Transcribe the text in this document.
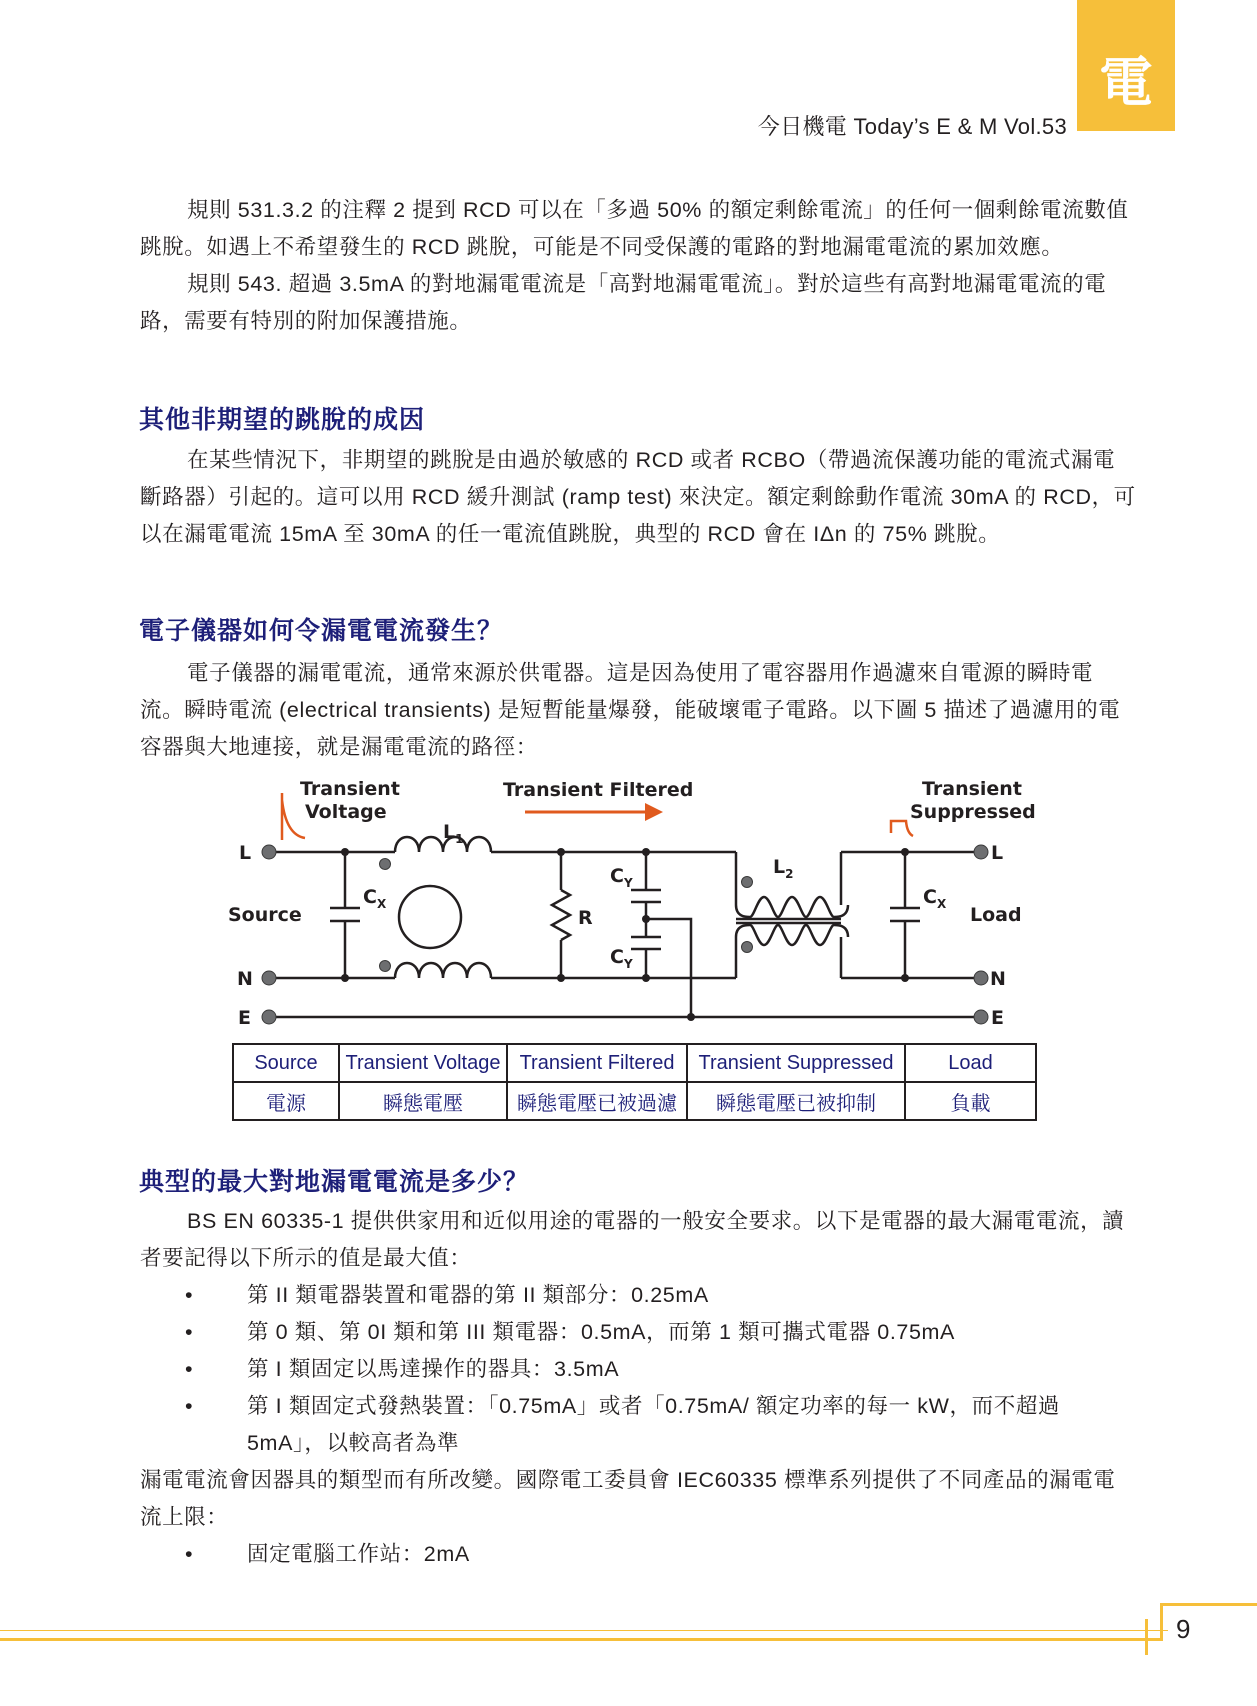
電
今日機電 Today’s E & M Vol.53

規則 531.3.2 的注釋 2 提到 RCD 可以在「多過 50% 的額定剩餘電流」的任何一個剩餘電流數值跳脫。如遇上不希望發生的 RCD 跳脫，可能是不同受保護的電路的對地漏電電流的累加效應。

規則 543. 超過 3.5mA 的對地漏電電流是「高對地漏電電流」。對於這些有高對地漏電電流的電路，需要有特別的附加保護措施。

其他非期望的跳脫的成因

在某些情況下，非期望的跳脫是由過於敏感的 RCD 或者 RCBO（帶過流保護功能的電流式漏電斷路器）引起的。這可以用 RCD 緩升測試 (ramp test) 來決定。額定剩餘動作電流 30mA 的 RCD，可以在漏電電流 15mA 至 30mA 的任一電流值跳脫，典型的 RCD 會在 IΔn 的 75% 跳脫。

電子儀器如何令漏電電流發生？

電子儀器的漏電電流，通常來源於供電器。這是因為使用了電容器用作過濾來自電源的瞬時電流。瞬時電流 (electrical transients) 是短暫能量爆發，能破壞電子電路。以下圖 5 描述了過濾用的電容器與大地連接，就是漏電電流的路徑：

Transient
Voltage
Transient Filtered	Transient
Suppressed
Source	Load
L
N
E
L
N
E
$L_1$
$L_2$
$C_X$	$C_X$
$C_Y$
$C_Y$
R
Source	Transient Voltage	Transient Filtered	Transient Suppressed	Load
電源	瞬態電壓	瞬態電壓已被過濾	瞬態電壓已被抑制	負載
典型的最大對地漏電電流是多少？

BS EN 60335-1 提供供家用和近似用途的電器的一般安全要求。以下是電器的最大漏電電流，讀者要記得以下所示的值是最大值：

•	第 II 類電器裝置和電器的第 II 類部分：0.25mA
•	第 0 類、第 0I 類和第 III 類電器：0.5mA，而第 1 類可攜式電器 0.75mA
•	第 I 類固定以馬達操作的器具：3.5mA
•	第 I 類固定式發熱裝置：「0.75mA」或者「0.75mA/ 額定功率的每一 kW，而不超過 5mA」，以較高者為準

漏電電流會因器具的類型而有所改變。國際電工委員會 IEC60335 標準系列提供了不同產品的漏電電流上限：

•	固定電腦工作站：2mA
9
